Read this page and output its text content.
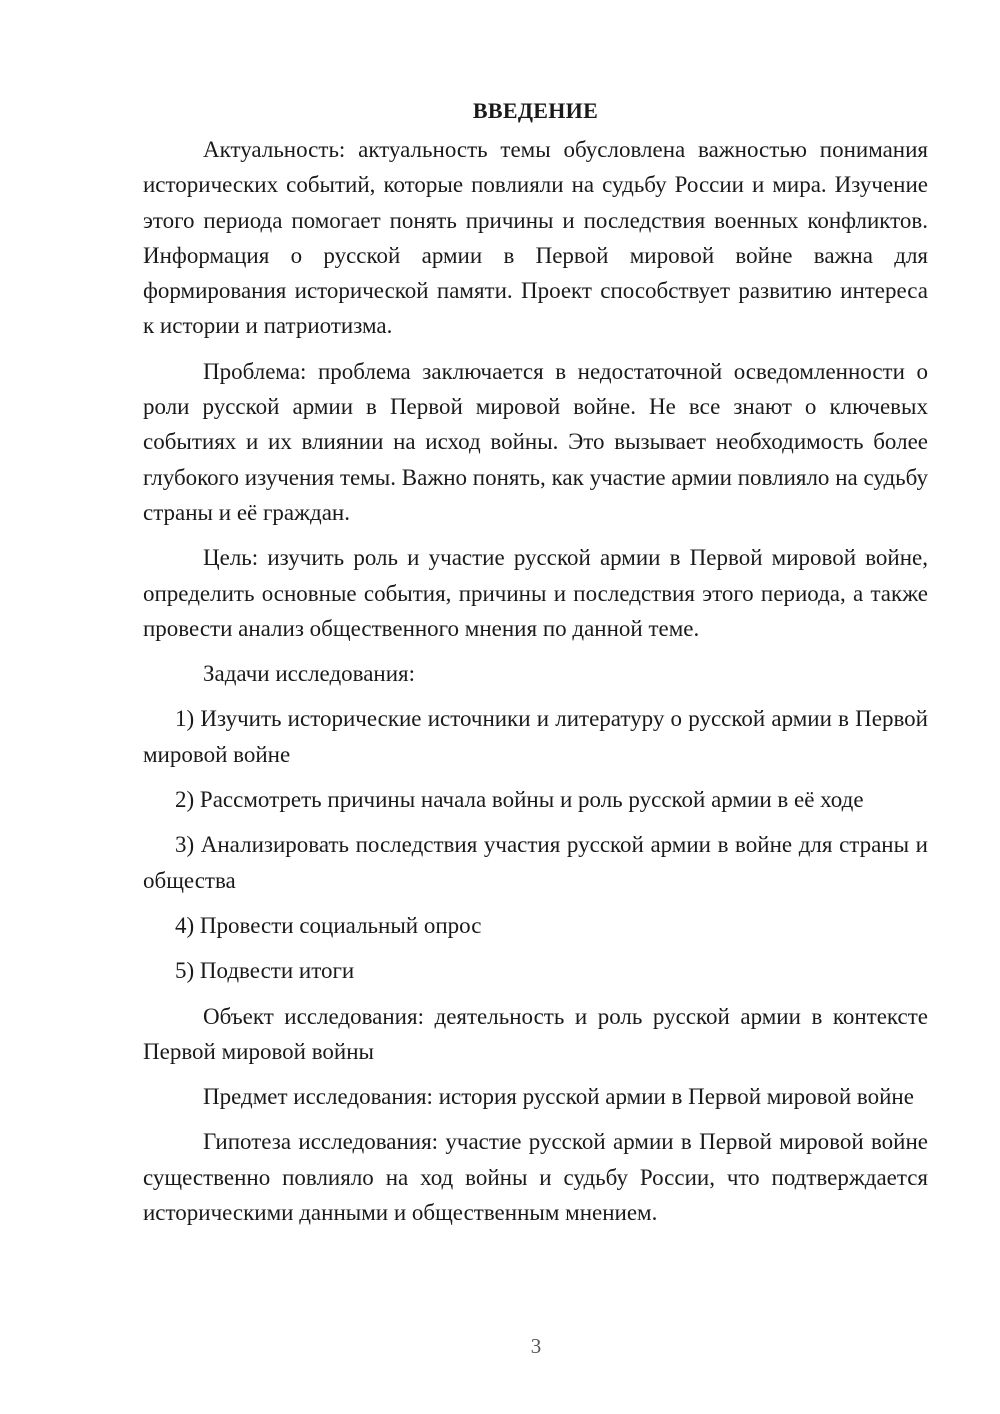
ВВЕДЕНИЕ

Актуальность: актуальность темы обусловлена важностью понимания исторических событий, которые повлияли на судьбу России и мира. Изучение этого периода помогает понять причины и последствия военных конфликтов. Информация о русской армии в Первой мировой войне важна для формирования исторической памяти. Проект способствует развитию интереса к истории и патриотизма.

Проблема: проблема заключается в недостаточной осведомленности о роли русской армии в Первой мировой войне. Не все знают о ключевых событиях и их влиянии на исход войны. Это вызывает необходимость более глубокого изучения темы. Важно понять, как участие армии повлияло на судьбу страны и её граждан.

Цель: изучить роль и участие русской армии в Первой мировой войне, определить основные события, причины и последствия этого периода, а также провести анализ общественного мнения по данной теме.

Задачи исследования:

1) Изучить исторические источники и литературу о русской армии в Первой мировой войне

2) Рассмотреть причины начала войны и роль русской армии в её ходе

3) Анализировать последствия участия русской армии в войне для страны и общества

4) Провести социальный опрос

5) Подвести итоги

Объект исследования: деятельность и роль русской армии в контексте Первой мировой войны

Предмет исследования: история русской армии в Первой мировой войне

Гипотеза исследования: участие русской армии в Первой мировой войне существенно повлияло на ход войны и судьбу России, что подтверждается историческими данными и общественным мнением.

3
